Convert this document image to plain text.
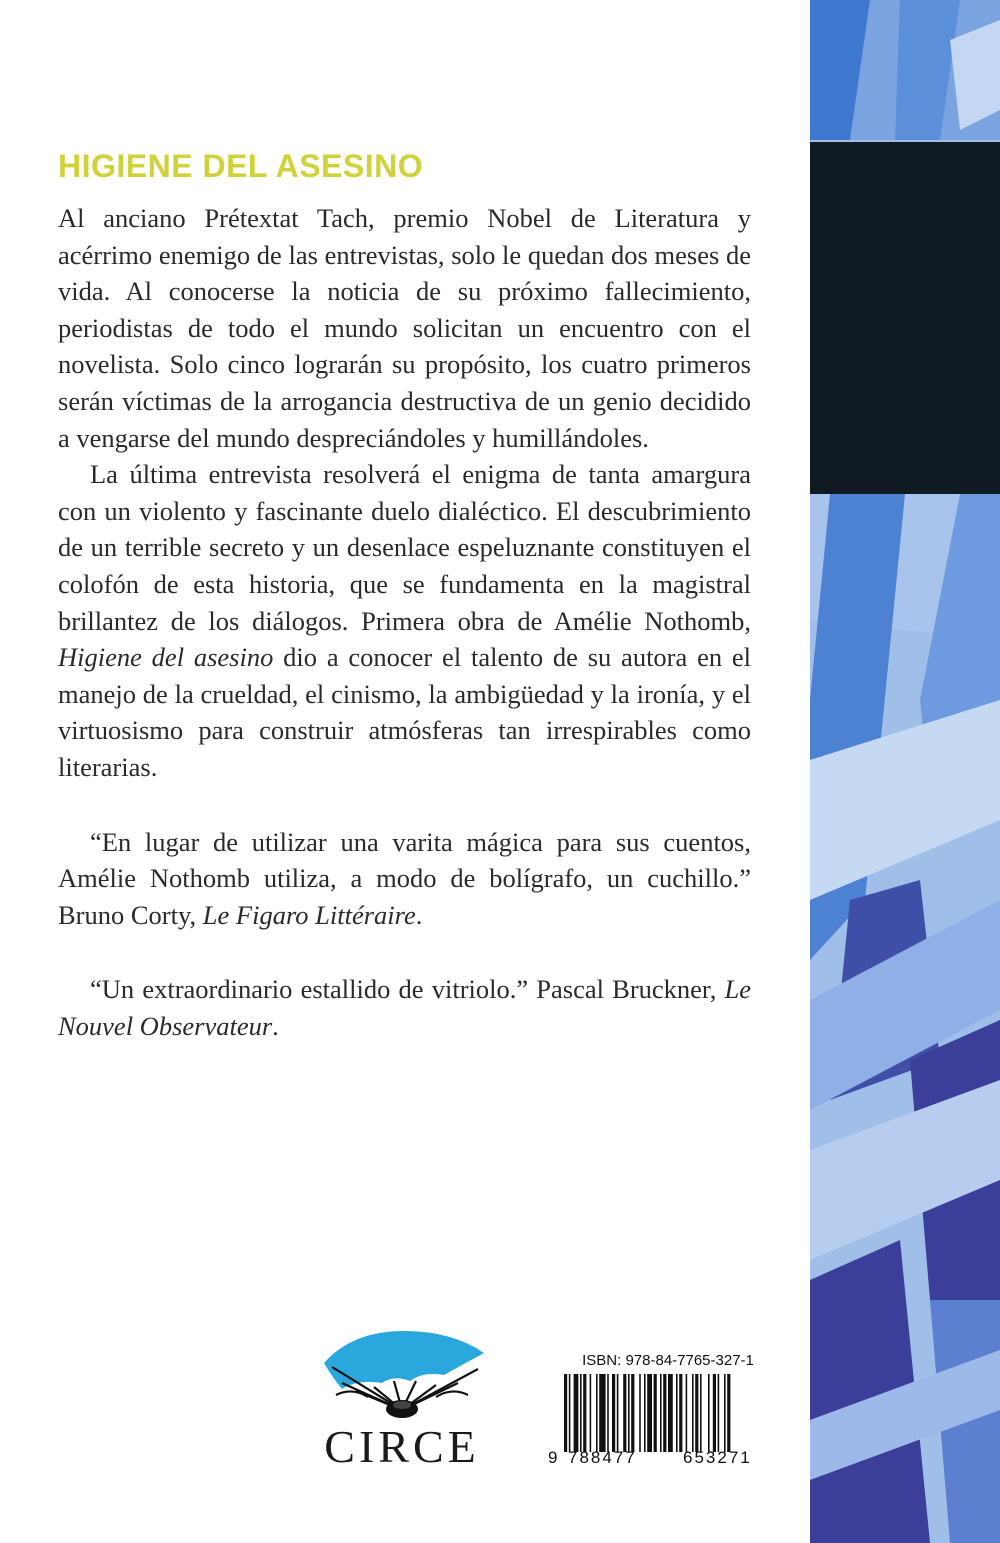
HIGIENE DEL ASESINO

Al anciano Prétextat Tach, premio Nobel de Literatura y acérrimo enemigo de las entrevistas, solo le quedan dos meses de vida. Al conocerse la noticia de su próximo fallecimiento, periodistas de todo el mundo solicitan un encuentro con el novelista. Solo cinco lograrán su propósito, los cuatro primeros serán víctimas de la arrogancia destructiva de un genio decidido a vengarse del mundo despreciándoles y humillándoles.

La última entrevista resolverá el enigma de tanta amargura con un violento y fascinante duelo dialéctico. El descubrimiento de un terrible secreto y un desenlace espeluznante constituyen el colofón de esta historia, que se fundamenta en la magistral brillantez de los diálogos. Primera obra de Amélie Nothomb, Higiene del asesino dio a conocer el talento de su autora en el manejo de la crueldad, el cinismo, la ambigüedad y la ironía, y el virtuosismo para construir atmósferas tan irrespirables como literarias.

“En lugar de utilizar una varita mágica para sus cuentos, Amélie Nothomb utiliza, a modo de bolígrafo, un cuchillo.” Bruno Corty, Le Figaro Littéraire.

“Un extraordinario estallido de vitriolo.” Pascal Bruckner, Le Nouvel Observateur.

CIRCE

ISBN: 978-84-7765-327-1

9 788477	653271
